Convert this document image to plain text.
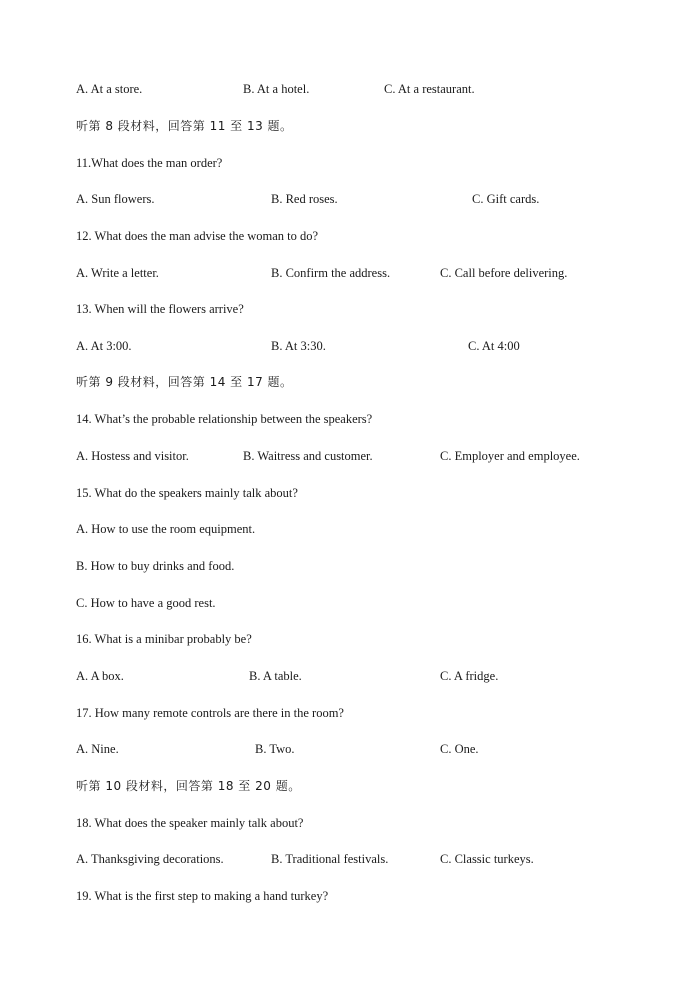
A. At a store.	B. At a hotel.	C. At a restaurant.
听第 8 段材料，回答第 11 至 13 题。
11.What does the man order?
A. Sun flowers.	B. Red roses.	C. Gift cards.
12. What does the man advise the woman to do?
A. Write a letter.	B. Confirm the address.	C. Call before delivering.
13. When will the flowers arrive?
A. At 3:00.	B. At 3:30.	C. At 4:00
听第 9 段材料，回答第 14 至 17 题。
14. What’s the probable relationship between the speakers?
A. Hostess and visitor.	B. Waitress and customer.	C. Employer and employee.
15. What do the speakers mainly talk about?
A. How to use the room equipment.
B. How to buy drinks and food.
C. How to have a good rest.
16. What is a minibar probably be?
A. A box.	B. A table.	C. A fridge.
17. How many remote controls are there in the room?
A. Nine.	B. Two.	C. One.
听第 10 段材料，回答第 18 至 20 题。
18. What does the speaker mainly talk about?
A. Thanksgiving decorations.	B. Traditional festivals.	C. Classic turkeys.
19. What is the first step to making a hand turkey?
